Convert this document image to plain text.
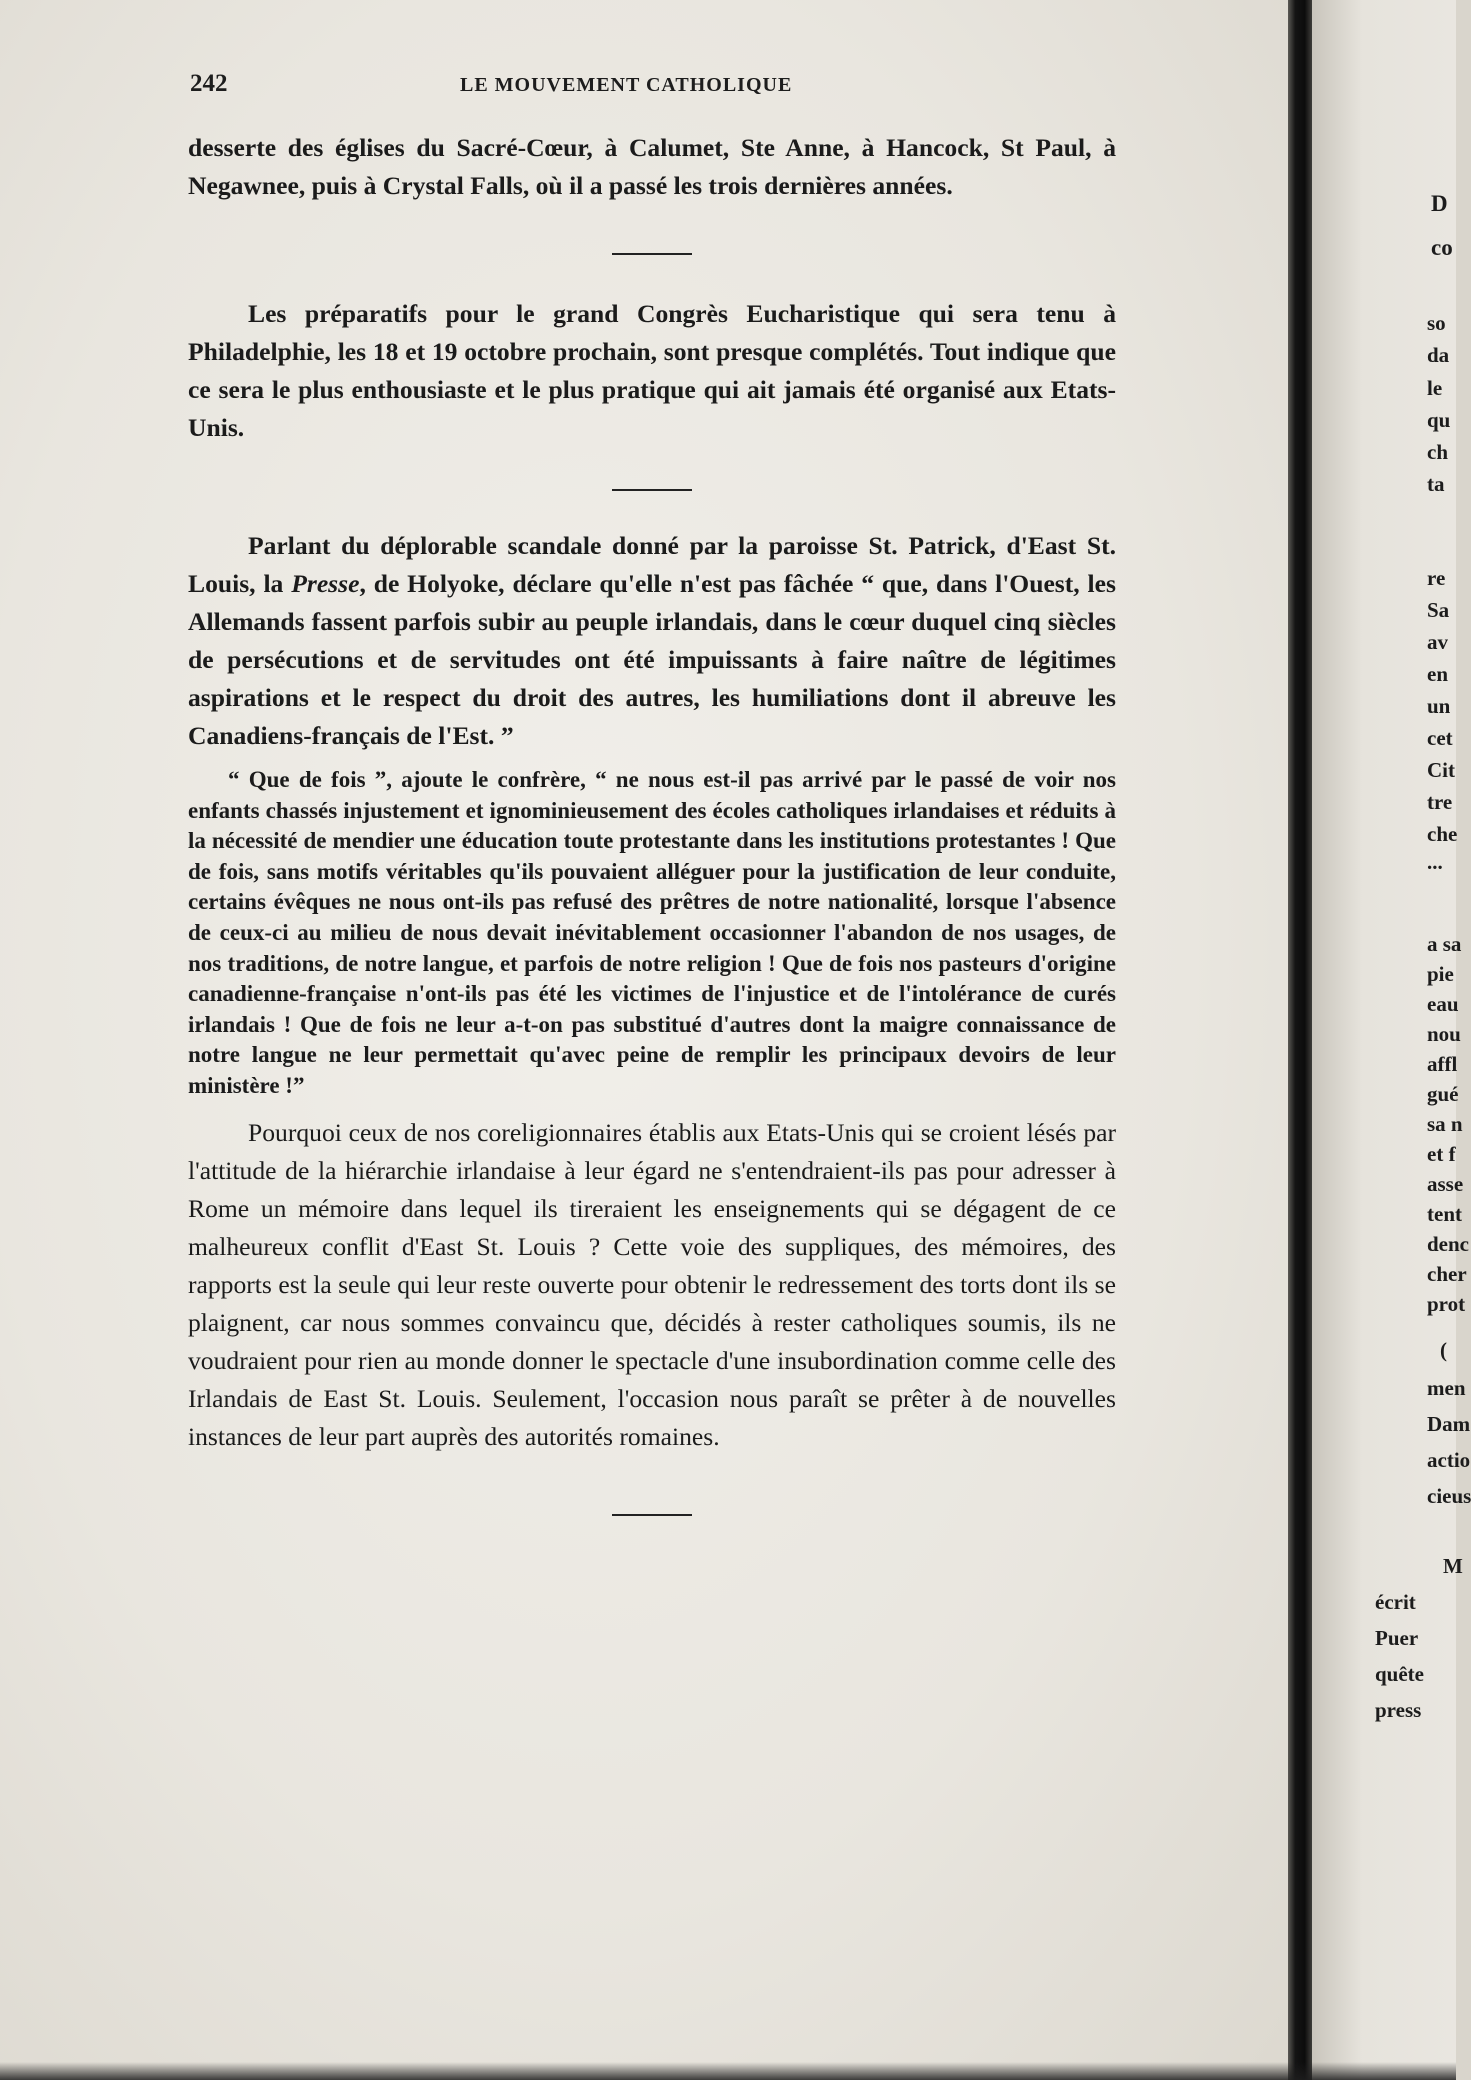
242	LE MOUVEMENT CATHOLIQUE

desserte des églises du Sacré-Cœur, à Calumet, Ste Anne, à Hancock, St Paul, à Negawnee, puis à Crystal Falls, où il a passé les trois dernières années.

Les préparatifs pour le grand Congrès Eucharistique qui sera tenu à Philadelphie, les 18 et 19 octobre prochain, sont presque complétés. Tout indique que ce sera le plus enthousiaste et le plus pratique qui ait jamais été organisé aux Etats-Unis.

Parlant du déplorable scandale donné par la paroisse St. Patrick, d'East St. Louis, la Presse, de Holyoke, déclare qu'elle n'est pas fâchée “ que, dans l'Ouest, les Allemands fassent parfois subir au peuple irlandais, dans le cœur duquel cinq siècles de persécutions et de servitudes ont été impuissants à faire naître de légitimes aspirations et le respect du droit des autres, les humiliations dont il abreuve les Canadiens-français de l'Est. ”

“ Que de fois ”, ajoute le confrère, “ ne nous est-il pas arrivé par le passé de voir nos enfants chassés injustement et ignominieusement des écoles catholiques irlandaises et réduits à la nécessité de mendier une éducation toute protestante dans les institutions protestantes ! Que de fois, sans motifs véritables qu'ils pouvaient alléguer pour la justification de leur conduite, certains évêques ne nous ont-ils pas refusé des prêtres de notre nationalité, lorsque l'absence de ceux-ci au milieu de nous devait inévitablement occasionner l'abandon de nos usages, de nos traditions, de notre langue, et parfois de notre religion ! Que de fois nos pasteurs d'origine canadienne-française n'ont-ils pas été les victimes de l'injustice et de l'intolérance de curés irlandais ! Que de fois ne leur a-t-on pas substitué d'autres dont la maigre connaissance de notre langue ne leur permettait qu'avec peine de remplir les principaux devoirs de leur ministère !”

Pourquoi ceux de nos coreligionnaires établis aux Etats-Unis qui se croient lésés par l'attitude de la hiérarchie irlandaise à leur égard ne s'entendraient-ils pas pour adresser à Rome un mémoire dans lequel ils tireraient les enseignements qui se dégagent de ce malheureux conflit d'East St. Louis ? Cette voie des suppliques, des mémoires, des rapports est la seule qui leur reste ouverte pour obtenir le redressement des torts dont ils se plaignent, car nous sommes convaincu que, décidés à rester catholiques soumis, ils ne voudraient pour rien au monde donner le spectacle d'une insubordination comme celle des Irlandais de East St. Louis. Seulement, l'occasion nous paraît se prêter à de nouvelles instances de leur part auprès des autorités romaines.

D
co
so
da
le
qu
ch
ta
re
Sa
av
en
un
cet
Cit
tre
che
...
a sa
pie
eau
nou
affl
gué
sa n
et f
asse
tent
denc
cher
prot
(
men
Dam
actio
cieus
M
écrit
Puer
quête
press
